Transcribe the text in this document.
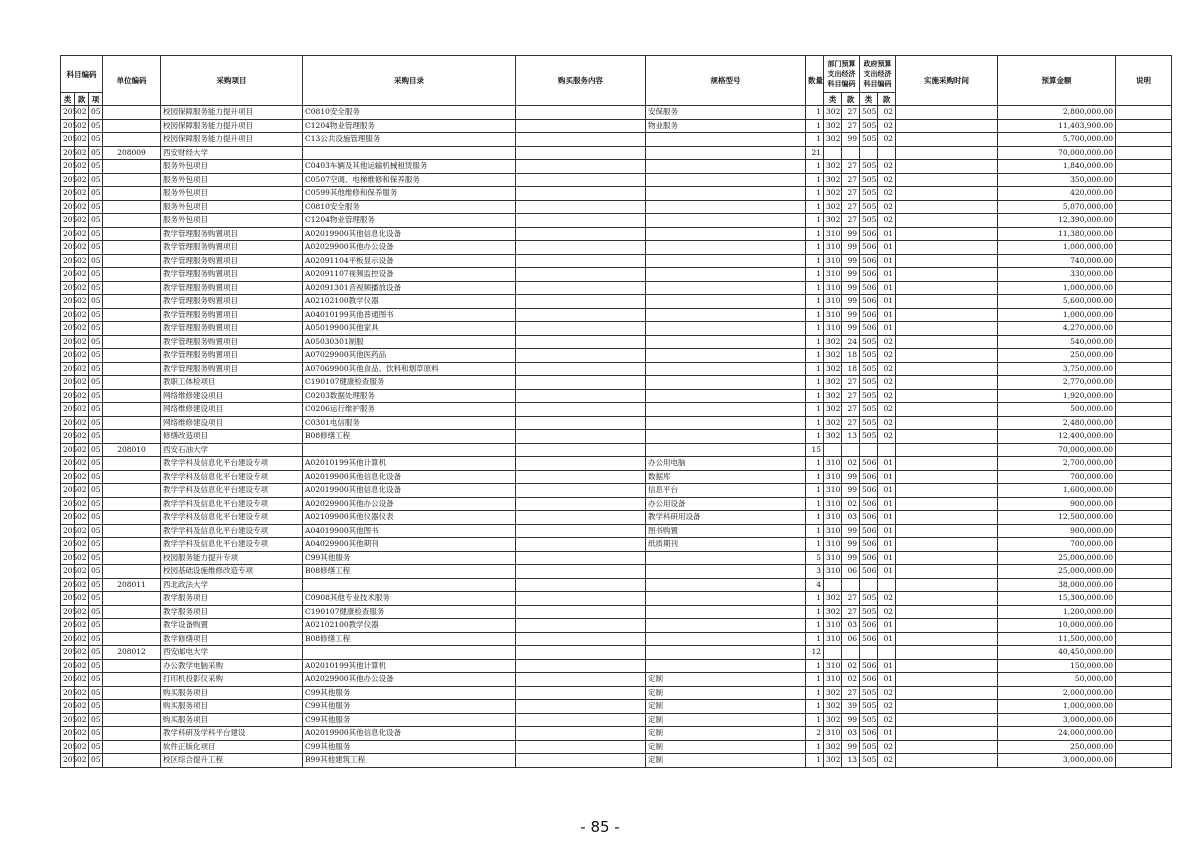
科目编码			单位编码	采购项目	采购目录	购买服务内容	规格型号	数量	部门预算支出经济科目编码		政府预算支出经济科目编码		实施采购时间	预算金额	说明

类	款	项							类	款	类	款			
205	02	05		校园保障服务能力提升项目	C0810安全服务		安保服务	1	302	27	505	02		2,800,000.00	
205	02	05		校园保障服务能力提升项目	C1204物业管理服务		物业服务	1	302	27	505	02		11,403,900.00	
205	02	05		校园保障服务能力提升项目	C13公共设施管理服务			1	302	99	505	02		5,700,000.00	
205	02	05	208009	西安财经大学				21						70,000,000.00	
205	02	05		服务外包项目	C0403车辆及其他运输机械租赁服务			1	302	27	505	02		1,840,000.00	
205	02	05		服务外包项目	C0507空调、电梯维修和保养服务			1	302	27	505	02		350,000.00	
205	02	05		服务外包项目	C0599其他维修和保养服务			1	302	27	505	02		420,000.00	
205	02	05		服务外包项目	C0810安全服务			1	302	27	505	02		5,070,000.00	
205	02	05		服务外包项目	C1204物业管理服务			1	302	27	505	02		12,390,000.00	
205	02	05		教学管理服务购置项目	A02019900其他信息化设备			1	310	99	506	01		11,380,000.00	
205	02	05		教学管理服务购置项目	A02029900其他办公设备			1	310	99	506	01		1,000,000.00	
205	02	05		教学管理服务购置项目	A02091104平板显示设备			1	310	99	506	01		740,000.00	
205	02	05		教学管理服务购置项目	A02091107视频监控设备			1	310	99	506	01		330,000.00	
205	02	05		教学管理服务购置项目	A02091301音视频播放设备			1	310	99	506	01		1,000,000.00	
205	02	05		教学管理服务购置项目	A02102100教学仪器			1	310	99	506	01		5,600,000.00	
205	02	05		教学管理服务购置项目	A04010199其他普通图书			1	310	99	506	01		1,000,000.00	
205	02	05		教学管理服务购置项目	A05019900其他家具			1	310	99	506	01		4,270,000.00	
205	02	05		教学管理服务购置项目	A05030301制服			1	302	24	505	02		540,000.00	
205	02	05		教学管理服务购置项目	A07029900其他医药品			1	302	18	505	02		250,000.00	
205	02	05		教学管理服务购置项目	A07069900其他食品、饮料和烟草原料			1	302	18	505	02		3,750,000.00	
205	02	05		教职工体检项目	C190107健康检查服务			1	302	27	505	02		2,770,000.00	
205	02	05		网络维修建设项目	C0203数据处理服务			1	302	27	505	02		1,920,000.00	
205	02	05		网络维修建设项目	C0206运行维护服务			1	302	27	505	02		500,000.00	
205	02	05		网络维修建设项目	C0301电信服务			1	302	27	505	02		2,480,000.00	
205	02	05		修缮改造项目	B08修缮工程			1	302	13	505	02		12,400,000.00	
205	02	05	208010	西安石油大学				15						70,000,000.00	
205	02	05		教学学科及信息化平台建设专项	A02010199其他计算机		办公用电脑	1	310	02	506	01		2,700,000.00	
205	02	05		教学学科及信息化平台建设专项	A02019900其他信息化设备		数据库	1	310	99	506	01		700,000.00	
205	02	05		教学学科及信息化平台建设专项	A02019900其他信息化设备		信息平台	1	310	99	506	01		1,600,000.00	
205	02	05		教学学科及信息化平台建设专项	A02029900其他办公设备		办公用设备	1	310	02	506	01		900,000.00	
205	02	05		教学学科及信息化平台建设专项	A02109900其他仪器仪表		教学科研用设备	1	310	03	506	01		12,500,000.00	
205	02	05		教学学科及信息化平台建设专项	A04019900其他图书		图书购置	1	310	99	506	01		900,000.00	
205	02	05		教学学科及信息化平台建设专项	A04029900其他期刊		纸质期刊	1	310	99	506	01		700,000.00	
205	02	05		校园服务能力提升专项	C99其他服务			5	310	99	506	01		25,000,000.00	
205	02	05		校园基础设施维修改造专项	B08修缮工程			3	310	06	506	01		25,000,000.00	
205	02	05	208011	西北政法大学				4						38,000,000.00	
205	02	05		教学服务项目	C0908其他专业技术服务			1	302	27	505	02		15,300,000.00	
205	02	05		教学服务项目	C190107健康检查服务			1	302	27	505	02		1,200,000.00	
205	02	05		教学设备购置	A02102100教学仪器			1	310	03	506	01		10,000,000.00	
205	02	05		教学修缮项目	B08修缮工程			1	310	06	506	01		11,500,000.00	
205	02	05	208012	西安邮电大学				12						40,450,000.00	
205	02	05		办公教学电脑采购	A02010199其他计算机			1	310	02	506	01		150,000.00	
205	02	05		打印机投影仪采购	A02029900其他办公设备		定制	1	310	02	506	01		50,000.00	
205	02	05		购买服务项目	C99其他服务		定制	1	302	27	505	02		2,000,000.00	
205	02	05		购买服务项目	C99其他服务		定制	1	302	39	505	02		1,000,000.00	
205	02	05		购买服务项目	C99其他服务		定制	1	302	99	505	02		3,000,000.00	
205	02	05		教学科研及学科平台建设	A02019900其他信息化设备		定制	2	310	03	506	01		24,000,000.00	
205	02	05		软件正版化项目	C99其他服务		定制	1	302	99	505	02		250,000.00	
205	02	05		校区综合提升工程	B99其他建筑工程		定制	1	302	13	505	02		3,000,000.00	
- 85 -
